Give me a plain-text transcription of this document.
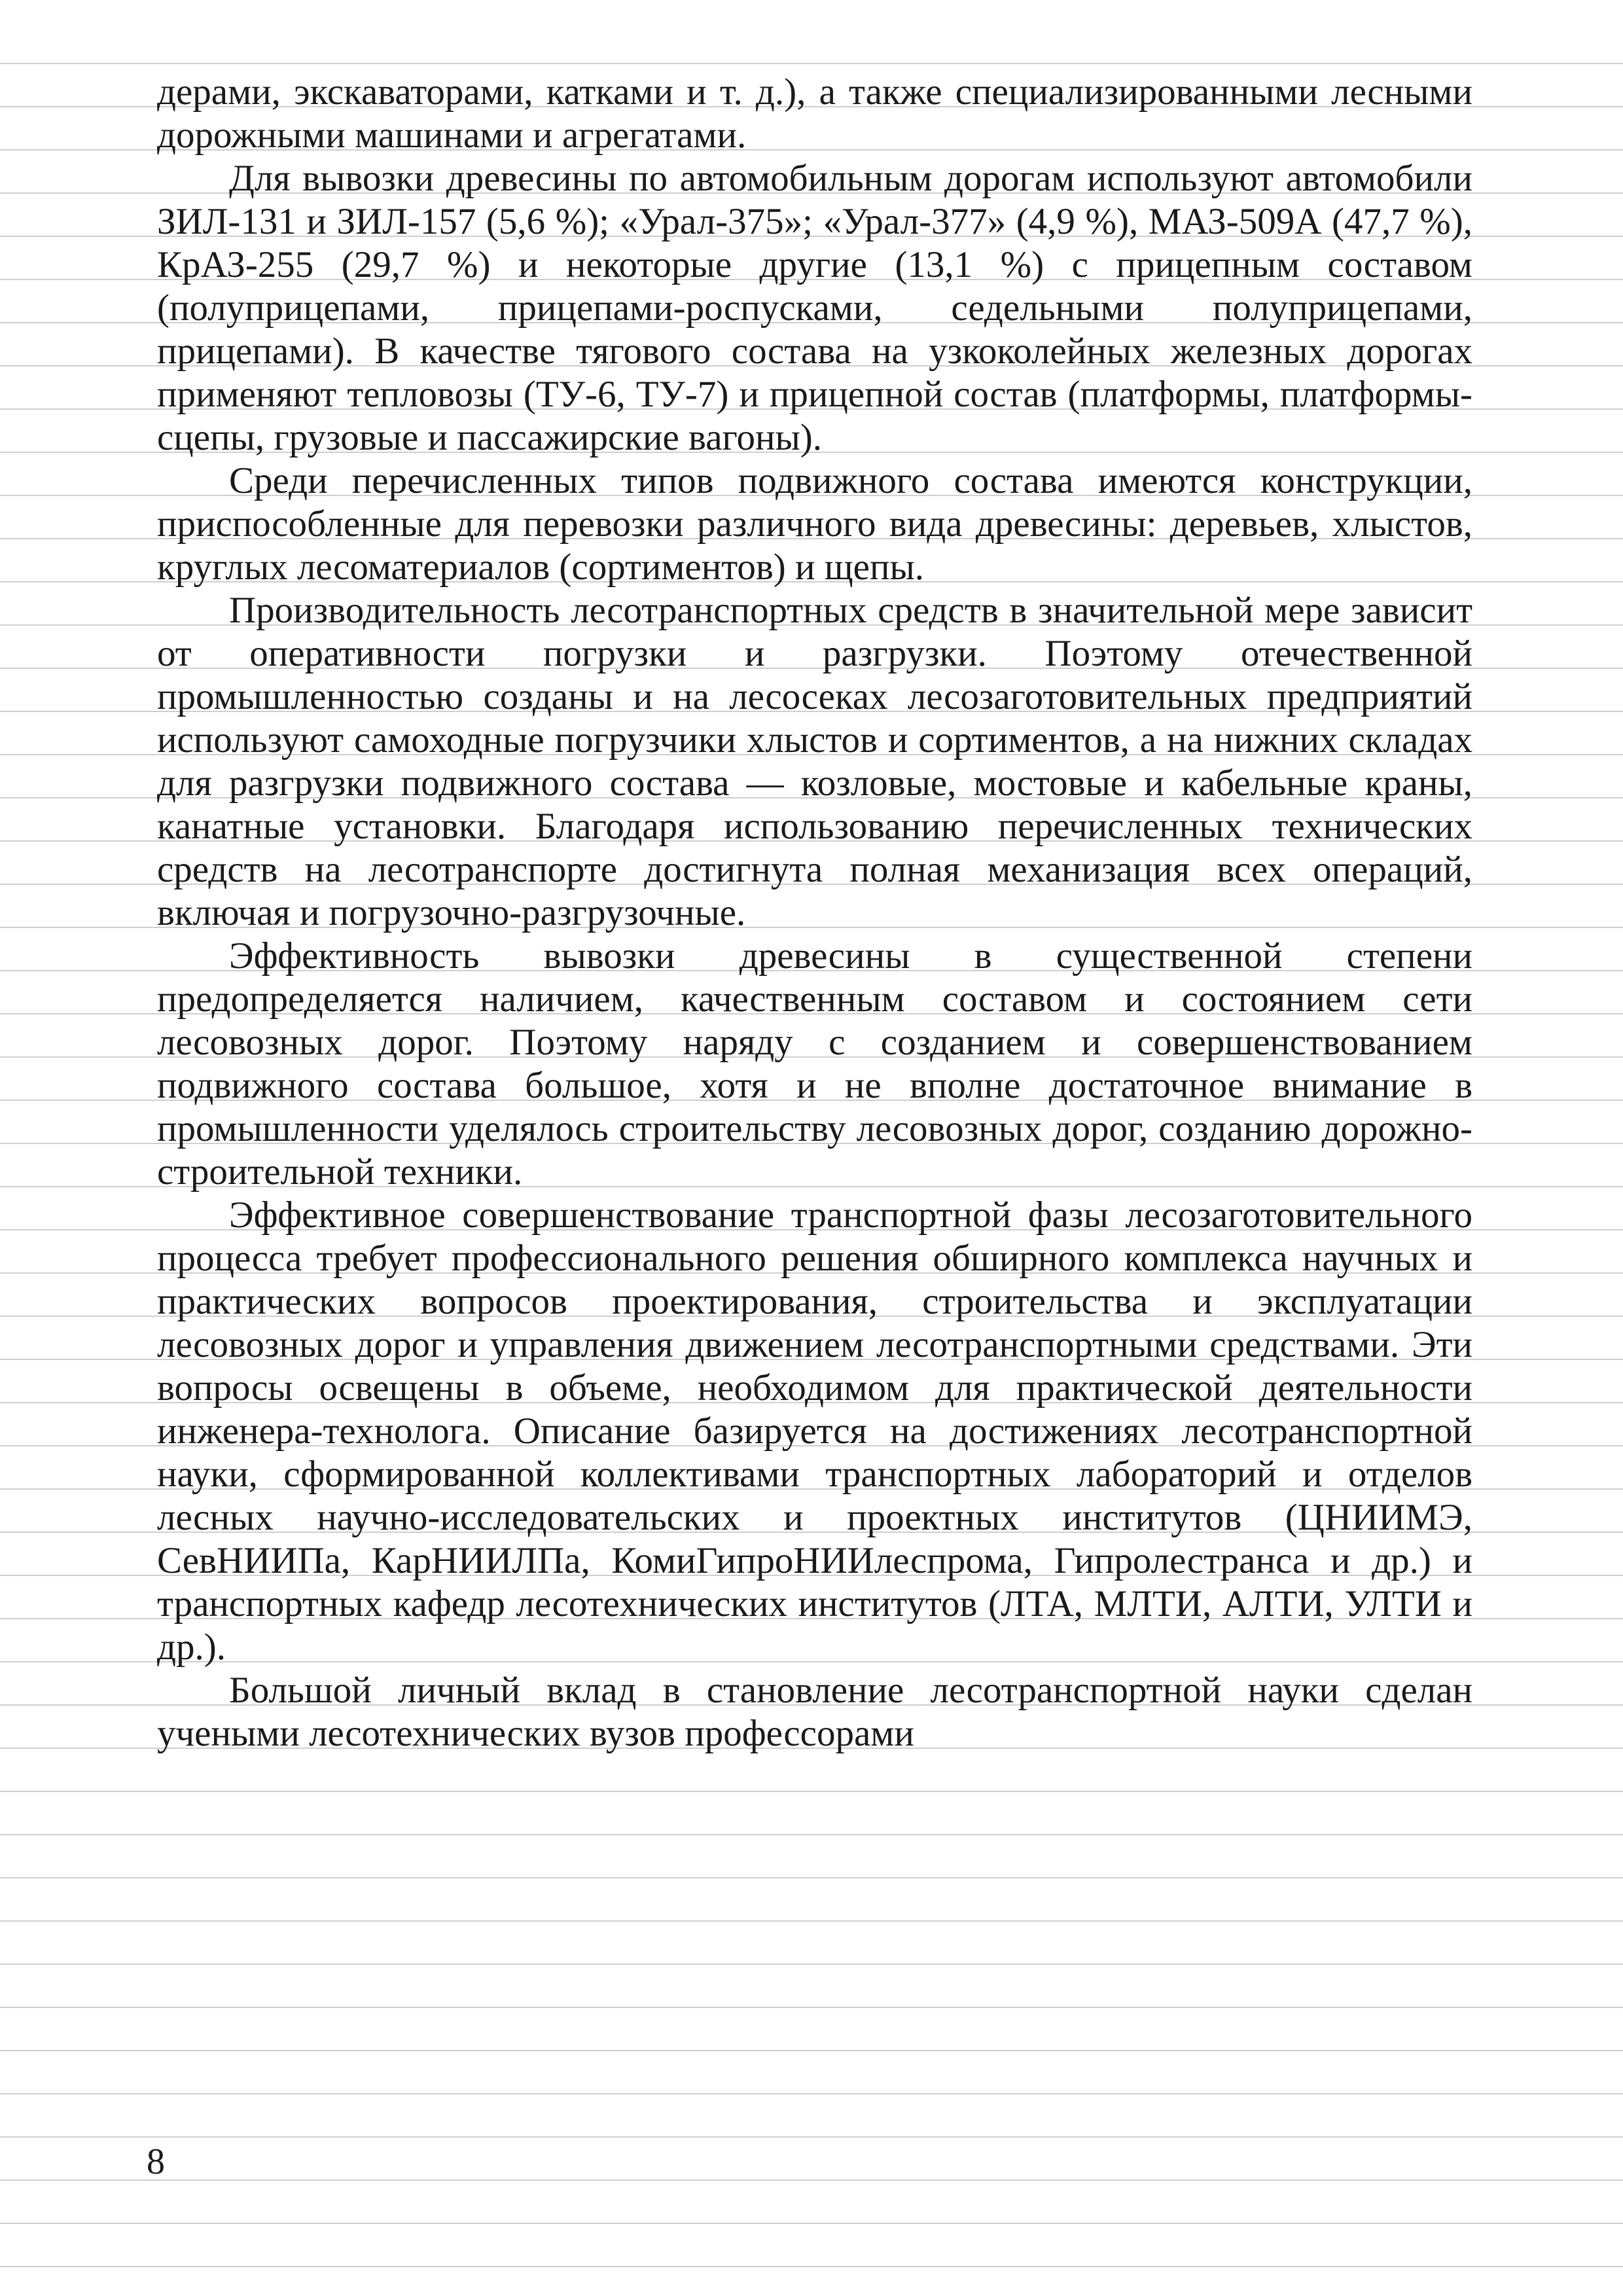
дерами, экскаваторами, катками и т. д.), а также специализированными лесными дорожными машинами и агрегатами.

Для вывозки древесины по автомобильным дорогам используют автомобили ЗИЛ-131 и ЗИЛ-157 (5,6 %); «Урал-375»; «Урал-377» (4,9 %), МАЗ-509А (47,7 %), КрАЗ-255 (29,7 %) и некоторые другие (13,1 %) с прицепным составом (полуприцепами, прицепами-роспусками, седельными полуприцепами, прицепами). В качестве тягового состава на узкоколейных железных дорогах применяют тепловозы (ТУ-6, ТУ-7) и прицепной состав (платформы, платформы-сцепы, грузовые и пассажирские вагоны).

Среди перечисленных типов подвижного состава имеются конструкции, приспособленные для перевозки различного вида древесины: деревьев, хлыстов, круглых лесоматериалов (сортиментов) и щепы.

Производительность лесотранспортных средств в значительной мере зависит от оперативности погрузки и разгрузки. Поэтому отечественной промышленностью созданы и на лесосеках лесозаготовительных предприятий используют самоходные погрузчики хлыстов и сортиментов, а на нижних складах для разгрузки подвижного состава — козловые, мостовые и кабельные краны, канатные установки. Благодаря использованию перечисленных технических средств на лесотранспорте достигнута полная механизация всех операций, включая и погрузочно-разгрузочные.

Эффективность вывозки древесины в существенной степени предопределяется наличием, качественным составом и состоянием сети лесовозных дорог. Поэтому наряду с созданием и совершенствованием подвижного состава большое, хотя и не вполне достаточное внимание в промышленности уделялось строительству лесовозных дорог, созданию дорожно-строительной техники.

Эффективное совершенствование транспортной фазы лесозаготовительного процесса требует профессионального решения обширного комплекса научных и практических вопросов проектирования, строительства и эксплуатации лесовозных дорог и управления движением лесотранспортными средствами. Эти вопросы освещены в объеме, необходимом для практической деятельности инженера-технолога. Описание базируется на достижениях лесотранспортной науки, сформированной коллективами транспортных лабораторий и отделов лесных научно-исследовательских и проектных институтов (ЦНИИМЭ, СевНИИПа, КарНИИЛПа, КомиГипроНИИлеспрома, Гипролестранса и др.) и транспортных кафедр лесотехнических институтов (ЛТА, МЛТИ, АЛТИ, УЛТИ и др.).

Большой личный вклад в становление лесотранспортной науки сделан учеными лесотехнических вузов профессорами

8
